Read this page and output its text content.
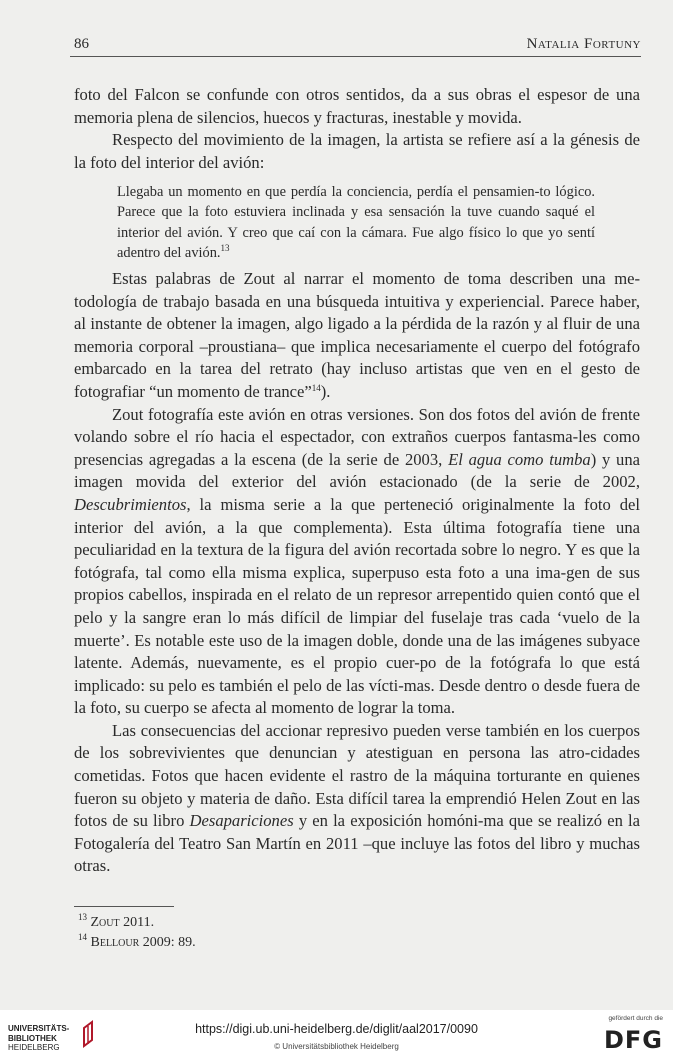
86	Natalia Fortuny

foto del Falcon se confunde con otros sentidos, da a sus obras el espesor de una memoria plena de silencios, huecos y fracturas, inestable y movida.

Respecto del movimiento de la imagen, la artista se refiere así a la génesis de la foto del interior del avión:

Llegaba un momento en que perdía la conciencia, perdía el pensamien-to lógico. Parece que la foto estuviera inclinada y esa sensación la tuve cuando saqué el interior del avión. Y creo que caí con la cámara. Fue algo físico lo que yo sentí adentro del avión.$^{13}$

Estas palabras de Zout al narrar el momento de toma describen una me-todología de trabajo basada en una búsqueda intuitiva y experiencial. Parece haber, al instante de obtener la imagen, algo ligado a la pérdida de la razón y al fluir de una memoria corporal –proustiana– que implica necesariamente el cuerpo del fotógrafo embarcado en la tarea del retrato (hay incluso artistas que ven en el gesto de fotografiar “un momento de trance”$^{14}$).

Zout fotografía este avión en otras versiones. Son dos fotos del avión de frente volando sobre el río hacia el espectador, con extraños cuerpos fantasma-les como presencias agregadas a la escena (de la serie de 2003, El agua como tumba) y una imagen movida del exterior del avión estacionado (de la serie de 2002, Descubrimientos, la misma serie a la que perteneció originalmente la foto del interior del avión, a la que complementa). Esta última fotografía tiene una peculiaridad en la textura de la figura del avión recortada sobre lo negro. Y es que la fotógrafa, tal como ella misma explica, superpuso esta foto a una ima-gen de sus propios cabellos, inspirada en el relato de un represor arrepentido quien contó que el pelo y la sangre eran lo más difícil de limpiar del fuselaje tras cada ‘vuelo de la muerte’. Es notable este uso de la imagen doble, donde una de las imágenes subyace latente. Además, nuevamente, es el propio cuer-po de la fotógrafa lo que está implicado: su pelo es también el pelo de las vícti-mas. Desde dentro o desde fuera de la foto, su cuerpo se afecta al momento de lograr la toma.

Las consecuencias del accionar represivo pueden verse también en los cuerpos de los sobrevivientes que denuncian y atestiguan en persona las atro-cidades cometidas. Fotos que hacen evidente el rastro de la máquina torturante en quienes fueron su objeto y materia de daño. Esta difícil tarea la emprendió Helen Zout en las fotos de su libro Desapariciones y en la exposición homóni-ma que se realizó en la Fotogalería del Teatro San Martín en 2011 –que incluye las fotos del libro y muchas otras.

$^{13}$ Zout 2011.
$^{14}$ Bellour 2009: 89.
UNIVERSITÄTS-
BIBLIOTHEK
HEIDELBERG
https://digi.ub.uni-heidelberg.de/diglit/aal2017/0090
© Universitätsbibliothek Heidelberg
gefördert durch die
DFG
